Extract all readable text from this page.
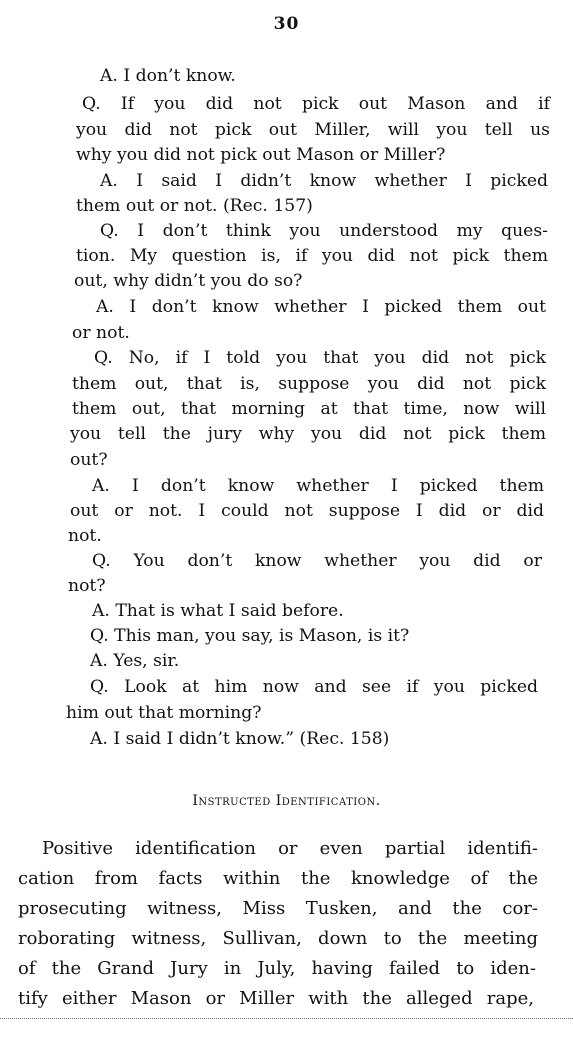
30
A. I don’t know.
Q. If you did not pick out Mason and if
you did not pick out Miller, will you tell us
why you did not pick out Mason or Miller?
A. I said I didn’t know whether I picked
them out or not. (Rec. 157)
Q. I don’t think you understood my ques-
tion. My question is, if you did not pick them
out, why didn’t you do so?
A. I don’t know whether I picked them out
or not.
Q. No, if I told you that you did not pick
them out, that is, suppose you did not pick
them out, that morning at that time, now will
you tell the jury why you did not pick them
out?
A. I don’t know whether I picked them
out or not. I could not suppose I did or did
not.
Q. You don’t know whether you did or
not?
A. That is what I said before.
Q. This man, you say, is Mason, is it?
A. Yes, sir.
Q. Look at him now and see if you picked
him out that morning?
A. I said I didn’t know.” (Rec. 158)
Instructed Identification.
Positive identification or even partial identifi-
cation from facts within the knowledge of the
prosecuting witness, Miss Tusken, and the cor-
roborating witness, Sullivan, down to the meeting
of the Grand Jury in July, having failed to iden-
tify either Mason or Miller with the alleged rape,
